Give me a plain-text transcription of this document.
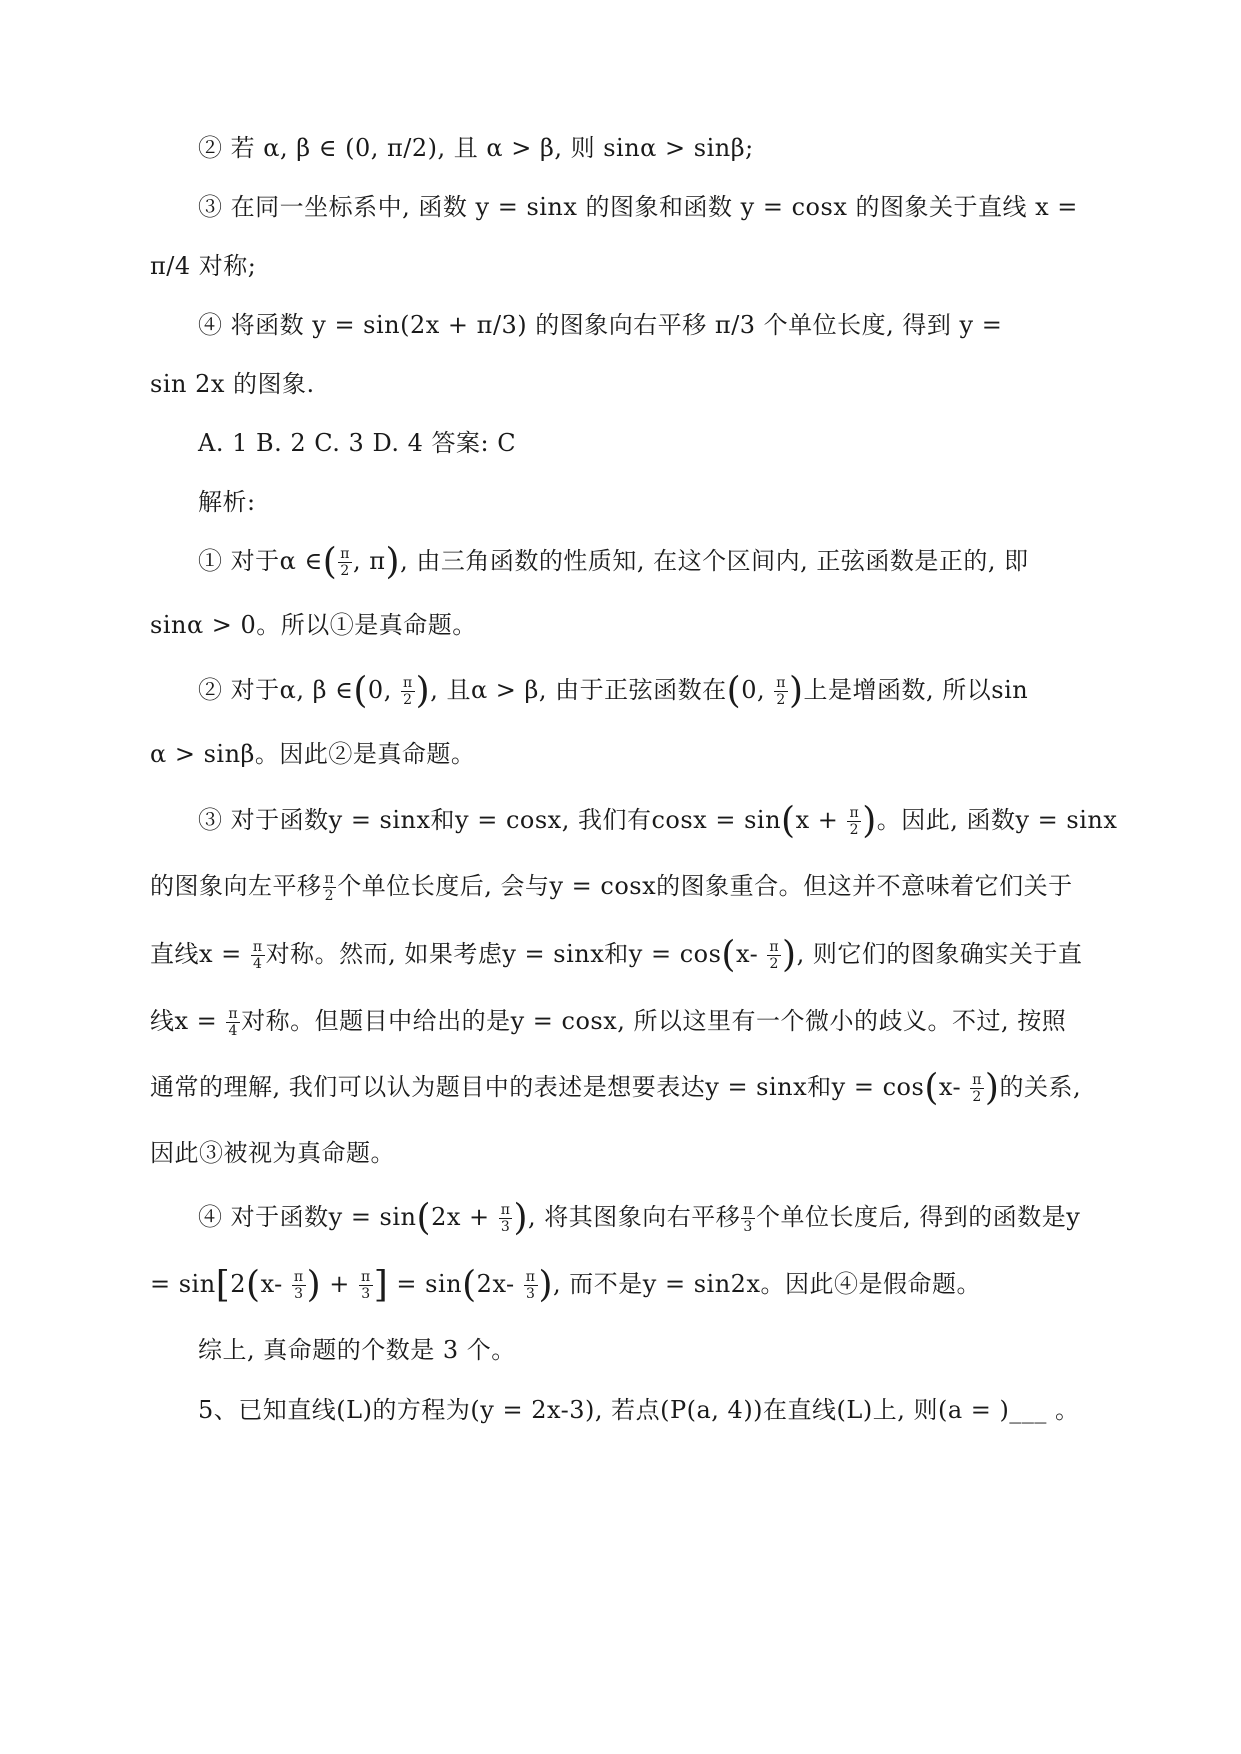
② 若 α, β ∈ (0, π/2), 且 α > β, 则 sinα > sinβ;
③ 在同一坐标系中, 函数 y = sinx 的图象和函数 y = cosx 的图象关于直线 x =
π/4 对称;
④ 将函数 y = sin(2x + π/3) 的图象向右平移 π/3 个单位长度, 得到 y =
sin 2x 的图象.
A. 1 B. 2 C. 3 D. 4 答案: C
解析:
① 对于α ∈( $\frac{\pi}{2}$ , π), 由三角函数的性质知, 在这个区间内, 正弦函数是正的, 即
sinα > 0。所以①是真命题。
② 对于α, β ∈(0, $\frac{\pi}{2}$ ), 且α > β, 由于正弦函数在(0, $\frac{\pi}{2}$ )上是增函数, 所以sin
α > sinβ。因此②是真命题。
③ 对于函数y = sinx和y = cosx, 我们有$\cos x = \sin(x + \frac{\pi}{2}$ )。因此, 函数y = sinx
的图象向左平移 $\frac{\pi}{2}$ 个单位长度后, 会与y = cosx的图象重合。但这并不意味着它们关于
直线$x = \frac{\pi}{4}$ 对称。然而, 如果考虑y = sinx和$y = \cos(x- \frac{\pi}{2}$ ), 则它们的图象确实关于直
线$x = \frac{\pi}{4}$ 对称。但题目中给出的是y = cosx, 所以这里有一个微小的歧义。不过, 按照
通常的理解, 我们可以认为题目中的表述是想要表达y = sinx和$y = \cos(x- \frac{\pi}{2}$ )的关系,
因此③被视为真命题。
④ 对于函数$y = \sin(2x + \frac{\pi}{3}$ ), 将其图象向右平移 $\frac{\pi}{3}$ 个单位长度后, 得到的函数是y
= $\sin[2(x- \frac{\pi}{3}$ ) + $\frac{\pi}{3}$ ] = $\sin(2x- \frac{\pi}{3}$ ), 而不是y = sin2x。因此④是假命题。
综上, 真命题的个数是 3 个。
5、已知直线(L)的方程为(y = 2x-3), 若点(P(a, 4))在直线(L)上, 则(a = )___ 。
